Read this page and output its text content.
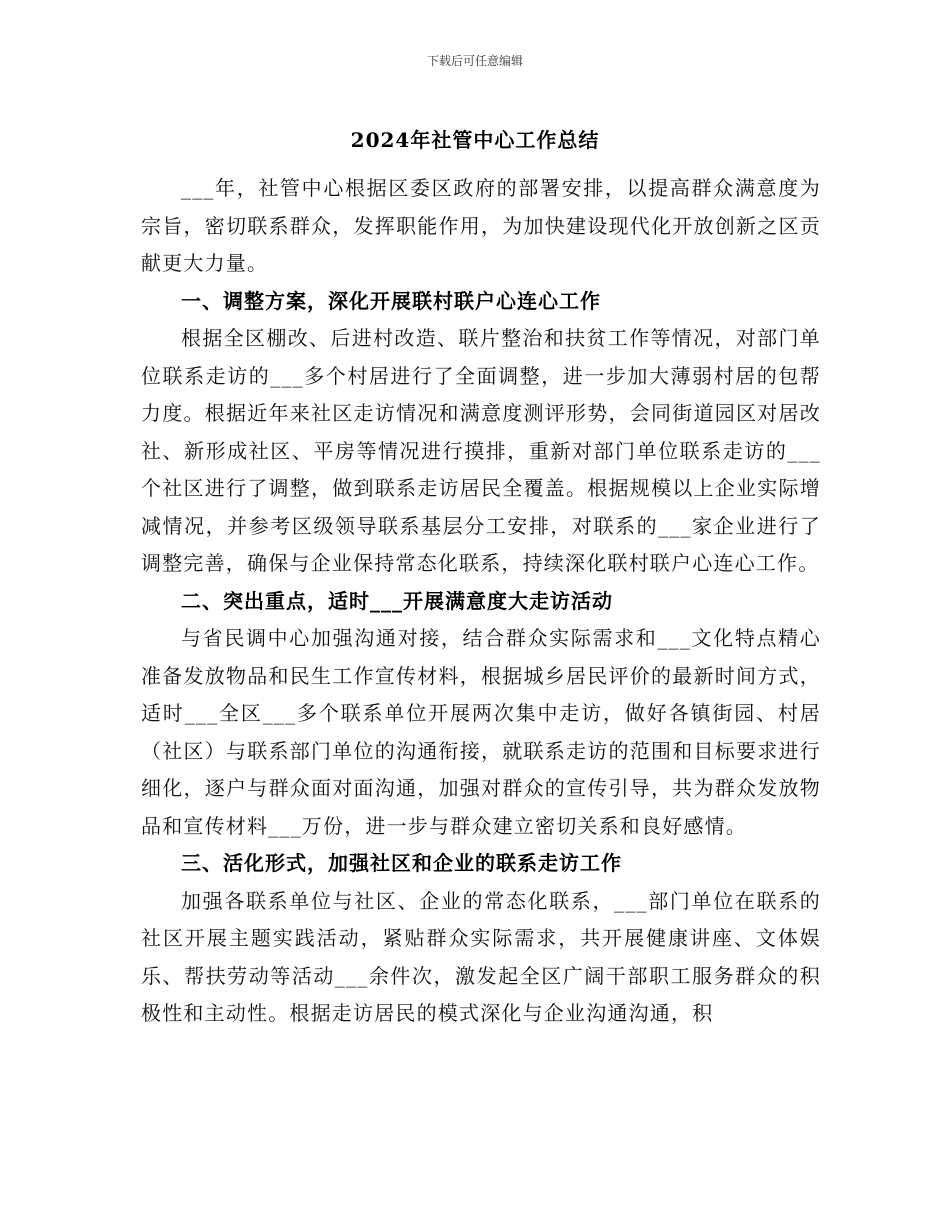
下载后可任意编辑
2024年社管中心工作总结

___年，社管中心根据区委区政府的部署安排，以提高群众满意度为宗旨，密切联系群众，发挥职能作用，为加快建设现代化开放创新之区贡献更大力量。

一、调整方案，深化开展联村联户心连心工作

根据全区棚改、后进村改造、联片整治和扶贫工作等情况，对部门单位联系走访的___多个村居进行了全面调整，进一步加大薄弱村居的包帮力度。根据近年来社区走访情况和满意度测评形势，会同街道园区对居改社、新形成社区、平房等情况进行摸排，重新对部门单位联系走访的___个社区进行了调整，做到联系走访居民全覆盖。根据规模以上企业实际增减情况，并参考区级领导联系基层分工安排，对联系的___家企业进行了调整完善，确保与企业保持常态化联系，持续深化联村联户心连心工作。

二、突出重点，适时___开展满意度大走访活动

与省民调中心加强沟通对接，结合群众实际需求和___文化特点精心准备发放物品和民生工作宣传材料，根据城乡居民评价的最新时间方式，适时___全区___多个联系单位开展两次集中走访，做好各镇街园、村居（社区）与联系部门单位的沟通衔接，就联系走访的范围和目标要求进行细化，逐户与群众面对面沟通，加强对群众的宣传引导，共为群众发放物品和宣传材料___万份，进一步与群众建立密切关系和良好感情。

三、活化形式，加强社区和企业的联系走访工作

加强各联系单位与社区、企业的常态化联系，___部门单位在联系的社区开展主题实践活动，紧贴群众实际需求，共开展健康讲座、文体娱乐、帮扶劳动等活动___余件次，激发起全区广阔干部职工服务群众的积极性和主动性。根据走访居民的模式深化与企业沟通沟通，积
